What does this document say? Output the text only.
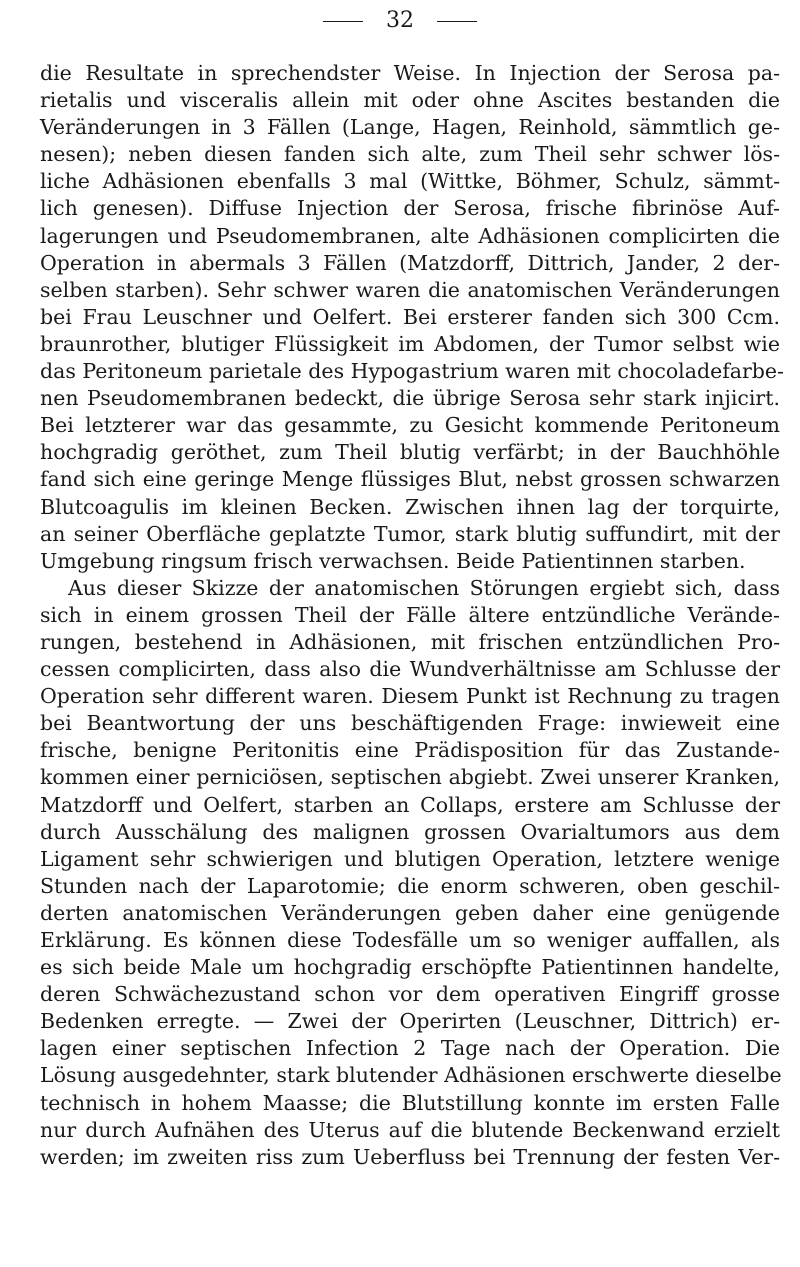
32
die Resultate in sprechendster Weise. In Injection der Serosa pa-
rietalis und visceralis allein mit oder ohne Ascites bestanden die
Veränderungen in 3 Fällen (Lange, Hagen, Reinhold, sämmtlich ge-
nesen); neben diesen fanden sich alte, zum Theil sehr schwer lös-
liche Adhäsionen ebenfalls 3 mal (Wittke, Böhmer, Schulz, sämmt-
lich genesen). Diffuse Injection der Serosa, frische fibrinöse Auf-
lagerungen und Pseudomembranen, alte Adhäsionen complicirten die
Operation in abermals 3 Fällen (Matzdorff, Dittrich, Jander, 2 der-
selben starben). Sehr schwer waren die anatomischen Veränderungen
bei Frau Leuschner und Oelfert. Bei ersterer fanden sich 300 Ccm.
braunrother, blutiger Flüssigkeit im Abdomen, der Tumor selbst wie
das Peritoneum parietale des Hypogastrium waren mit chocoladefarbe-
nen Pseudomembranen bedeckt, die übrige Serosa sehr stark injicirt.
Bei letzterer war das gesammte, zu Gesicht kommende Peritoneum
hochgradig geröthet, zum Theil blutig verfärbt; in der Bauchhöhle
fand sich eine geringe Menge flüssiges Blut, nebst grossen schwarzen
Blutcoagulis im kleinen Becken. Zwischen ihnen lag der torquirte,
an seiner Oberfläche geplatzte Tumor, stark blutig suffundirt, mit der
Umgebung ringsum frisch verwachsen. Beide Patientinnen starben.
Aus dieser Skizze der anatomischen Störungen ergiebt sich, dass
sich in einem grossen Theil der Fälle ältere entzündliche Verände-
rungen, bestehend in Adhäsionen, mit frischen entzündlichen Pro-
cessen complicirten, dass also die Wundverhältnisse am Schlusse der
Operation sehr different waren. Diesem Punkt ist Rechnung zu tragen
bei Beantwortung der uns beschäftigenden Frage: inwieweit eine
frische, benigne Peritonitis eine Prädisposition für das Zustande-
kommen einer perniciösen, septischen abgiebt. Zwei unserer Kranken,
Matzdorff und Oelfert, starben an Collaps, erstere am Schlusse der
durch Ausschälung des malignen grossen Ovarialtumors aus dem
Ligament sehr schwierigen und blutigen Operation, letztere wenige
Stunden nach der Laparotomie; die enorm schweren, oben geschil-
derten anatomischen Veränderungen geben daher eine genügende
Erklärung. Es können diese Todesfälle um so weniger auffallen, als
es sich beide Male um hochgradig erschöpfte Patientinnen handelte,
deren Schwächezustand schon vor dem operativen Eingriff grosse
Bedenken erregte. — Zwei der Operirten (Leuschner, Dittrich) er-
lagen einer septischen Infection 2 Tage nach der Operation. Die
Lösung ausgedehnter, stark blutender Adhäsionen erschwerte dieselbe
technisch in hohem Maasse; die Blutstillung konnte im ersten Falle
nur durch Aufnähen des Uterus auf die blutende Beckenwand erzielt
werden; im zweiten riss zum Ueberfluss bei Trennung der festen Ver-
